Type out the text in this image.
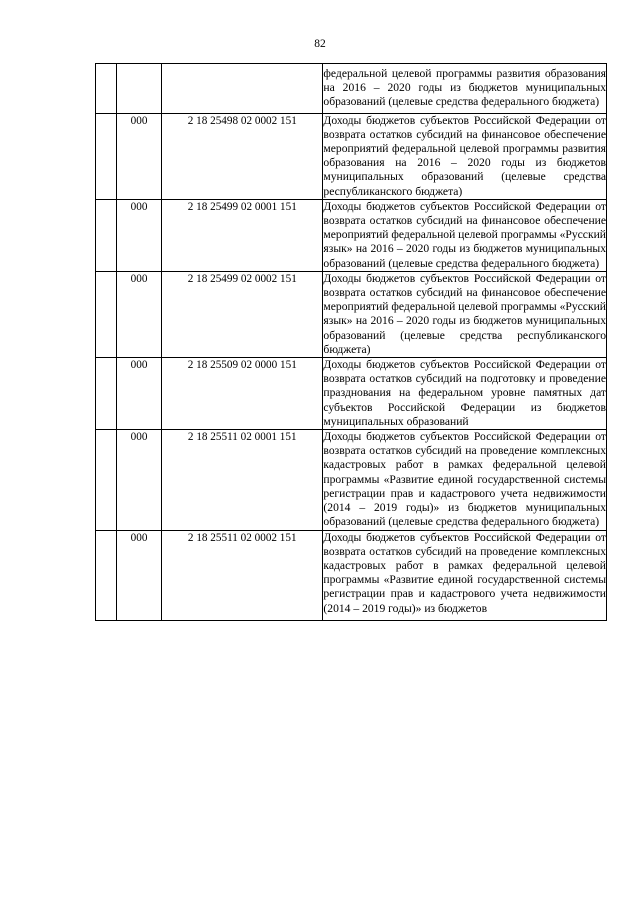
82

			федеральной целевой программы развития образования на 2016 – 2020 годы из бюджетов муниципальных образований (целевые средства федерального бюджета)

	000	2 18 25498 02 0002 151	Доходы бюджетов субъектов Российской Федерации от возврата остатков субсидий на финансовое обеспечение мероприятий федеральной целевой программы развития образования на 2016 – 2020 годы из бюджетов муниципальных образований (целевые средства республиканского бюджета)

	000	2 18 25499 02 0001 151	Доходы бюджетов субъектов Российской Федерации от возврата остатков субсидий на финансовое обеспечение мероприятий федеральной целевой программы «Русский язык» на 2016 – 2020 годы из бюджетов муниципальных образований (целевые средства федерального бюджета)

	000	2 18 25499 02 0002 151	Доходы бюджетов субъектов Российской Федерации от возврата остатков субсидий на финансовое обеспечение мероприятий федеральной целевой программы «Русский язык» на 2016 – 2020 годы из бюджетов муниципальных образований (целевые средства республиканского бюджета)

	000	2 18 25509 02 0000 151	Доходы бюджетов субъектов Российской Федерации от возврата остатков субсидий на подготовку и проведение празднования на федеральном уровне памятных дат субъектов Российской Федерации из бюджетов муниципальных образований

	000	2 18 25511 02 0001 151	Доходы бюджетов субъектов Российской Федерации от возврата остатков субсидий на проведение комплексных кадастровых работ в рамках федеральной целевой программы «Развитие единой государственной системы регистрации прав и кадастрового учета недвижимости (2014 – 2019 годы)» из бюджетов муниципальных образований (целевые средства федерального бюджета)

	000	2 18 25511 02 0002 151	Доходы бюджетов субъектов Российской Федерации от возврата остатков субсидий на проведение комплексных кадастровых работ в рамках федеральной целевой программы «Развитие единой государственной системы регистрации прав и кадастрового учета недвижимости (2014 – 2019 годы)» из бюджетов
